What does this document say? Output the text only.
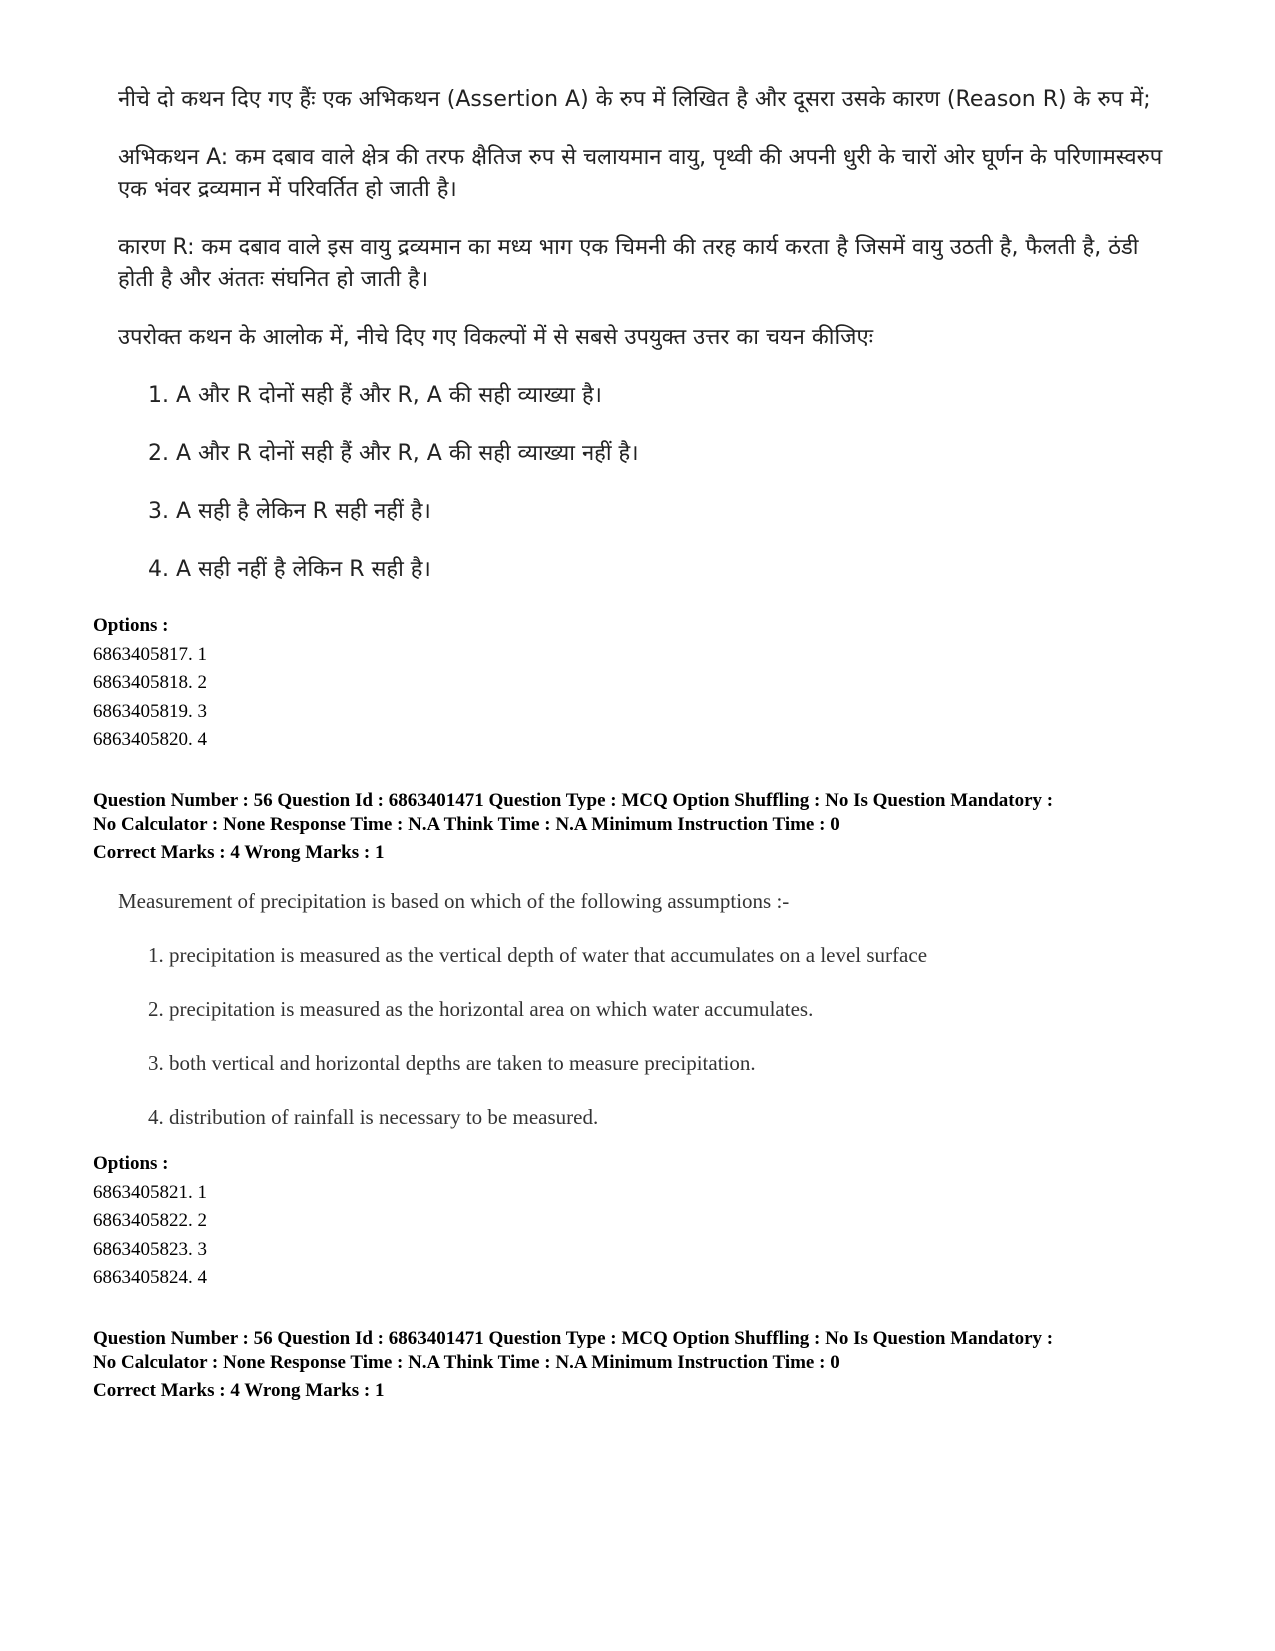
नीचे दो कथन दिए गए हैंः एक अभिकथन (Assertion A) के रुप में लिखित है और दूसरा उसके कारण (Reason R) के रुप में;

अभिकथन A: कम दबाव वाले क्षेत्र की तरफ क्षैतिज रुप से चलायमान वायु, पृथ्वी की अपनी धुरी के चारों ओर घूर्णन के परिणामस्वरुप एक भंवर द्रव्यमान में परिवर्तित हो जाती है।

कारण R: कम दबाव वाले इस वायु द्रव्यमान का मध्य भाग एक चिमनी की तरह कार्य करता है जिसमें वायु उठती है, फैलती है, ठंडी होती है और अंततः संघनित हो जाती है।

उपरोक्त कथन के आलोक में, नीचे दिए गए विकल्पों में से सबसे उपयुक्त उत्तर का चयन कीजिएः

1. A और R दोनों सही हैं और R, A की सही व्याख्या है।

2. A और R दोनों सही हैं और R, A की सही व्याख्या नहीं है।

3. A सही है लेकिन R सही नहीं है।

4. A सही नहीं है लेकिन R सही है।

Options :
6863405817. 1
6863405818. 2
6863405819. 3
6863405820. 4
Question Number : 56 Question Id : 6863401471 Question Type : MCQ Option Shuffling : No Is Question Mandatory :
No Calculator : None Response Time : N.A Think Time : N.A Minimum Instruction Time : 0
Correct Marks : 4 Wrong Marks : 1

Measurement of precipitation is based on which of the following assumptions :-

1. precipitation is measured as the vertical depth of water that accumulates on a level surface

2. precipitation is measured as the horizontal area on which water accumulates.

3. both vertical and horizontal depths are taken to measure precipitation.

4. distribution of rainfall is necessary to be measured.

Options :
6863405821. 1
6863405822. 2
6863405823. 3
6863405824. 4
Question Number : 56 Question Id : 6863401471 Question Type : MCQ Option Shuffling : No Is Question Mandatory :
No Calculator : None Response Time : N.A Think Time : N.A Minimum Instruction Time : 0
Correct Marks : 4 Wrong Marks : 1
